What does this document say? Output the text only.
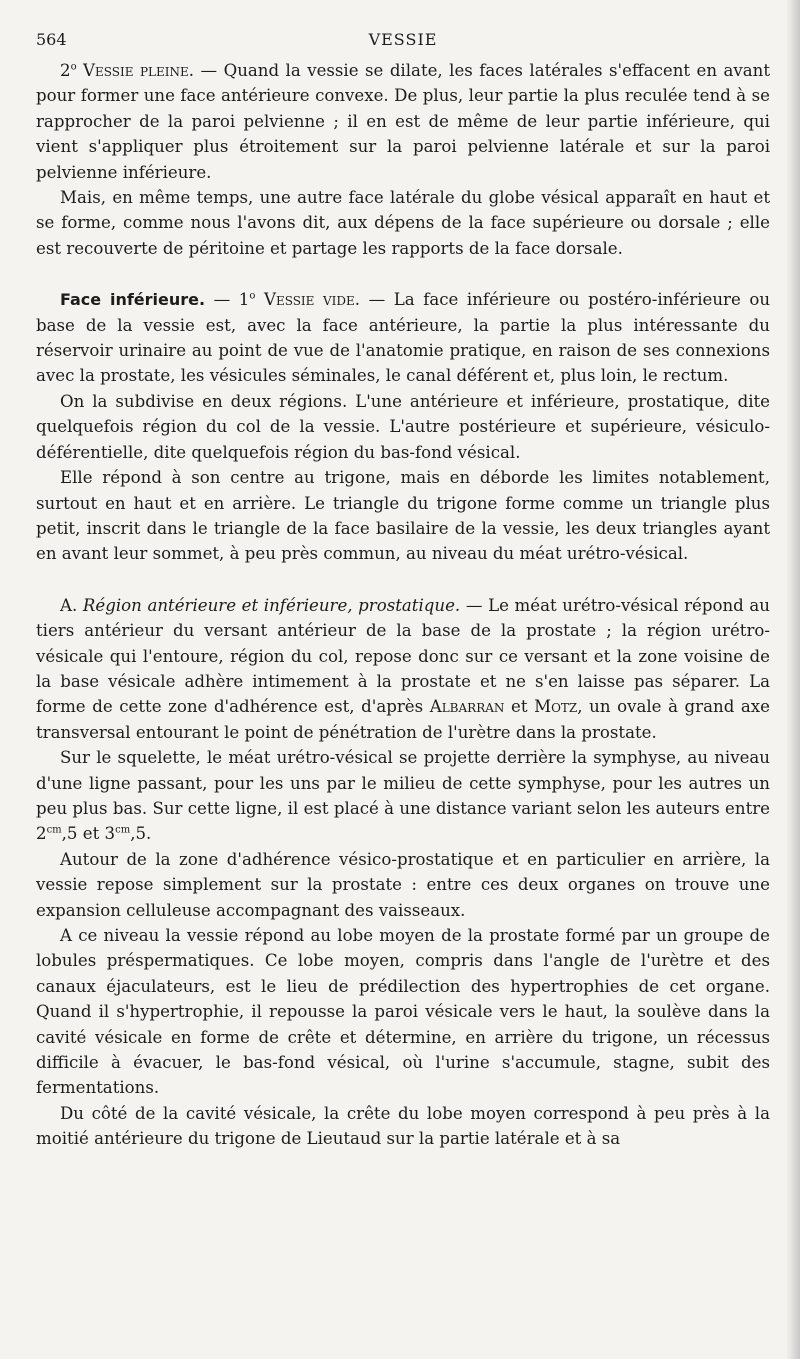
564	VESSIE

2$^o$ Vessie pleine. — Quand la vessie se dilate, les faces latérales s'effacent en avant pour former une face antérieure convexe. De plus, leur partie la plus reculée tend à se rapprocher de la paroi pelvienne ; il en est de même de leur partie inférieure, qui vient s'appliquer plus étroitement sur la paroi pelvienne latérale et sur la paroi pelvienne inférieure.

Mais, en même temps, une autre face latérale du globe vésical apparaît en haut et se forme, comme nous l'avons dit, aux dépens de la face supérieure ou dorsale ; elle est recouverte de péritoine et partage les rapports de la face dorsale.

Face inférieure. — 1$^o$ Vessie vide. — La face inférieure ou postéro-inférieure ou base de la vessie est, avec la face antérieure, la partie la plus intéressante du réservoir urinaire au point de vue de l'anatomie pratique, en raison de ses connexions avec la prostate, les vésicules séminales, le canal déférent et, plus loin, le rectum.

On la subdivise en deux régions. L'une antérieure et inférieure, prostatique, dite quelquefois région du col de la vessie. L'autre postérieure et supérieure, vésiculo-déférentielle, dite quelquefois région du bas-fond vésical.

Elle répond à son centre au trigone, mais en déborde les limites notablement, surtout en haut et en arrière. Le triangle du trigone forme comme un triangle plus petit, inscrit dans le triangle de la face basilaire de la vessie, les deux triangles ayant en avant leur sommet, à peu près commun, au niveau du méat urétro-vésical.

A. Région antérieure et inférieure, prostatique. — Le méat urétro-vésical répond au tiers antérieur du versant antérieur de la base de la prostate ; la région urétro-vésicale qui l'entoure, région du col, repose donc sur ce versant et la zone voisine de la base vésicale adhère intimement à la prostate et ne s'en laisse pas séparer. La forme de cette zone d'adhérence est, d'après Albarran et Motz, un ovale à grand axe transversal entourant le point de pénétration de l'urètre dans la prostate.

Sur le squelette, le méat urétro-vésical se projette derrière la symphyse, au niveau d'une ligne passant, pour les uns par le milieu de cette symphyse, pour les autres un peu plus bas. Sur cette ligne, il est placé à une distance variant selon les auteurs entre $2^{cm},5$ et $3^{cm},5$.

Autour de la zone d'adhérence vésico-prostatique et en particulier en arrière, la vessie repose simplement sur la prostate : entre ces deux organes on trouve une expansion celluleuse accompagnant des vaisseaux.

A ce niveau la vessie répond au lobe moyen de la prostate formé par un groupe de lobules préspermatiques. Ce lobe moyen, compris dans l'angle de l'urètre et des canaux éjaculateurs, est le lieu de prédilection des hypertrophies de cet organe. Quand il s'hypertrophie, il repousse la paroi vésicale vers le haut, la soulève dans la cavité vésicale en forme de crête et détermine, en arrière du trigone, un récessus difficile à évacuer, le bas-fond vésical, où l'urine s'accumule, stagne, subit des fermentations.

Du côté de la cavité vésicale, la crête du lobe moyen correspond à peu près à la moitié antérieure du trigone de Lieutaud sur la partie latérale et à sa
